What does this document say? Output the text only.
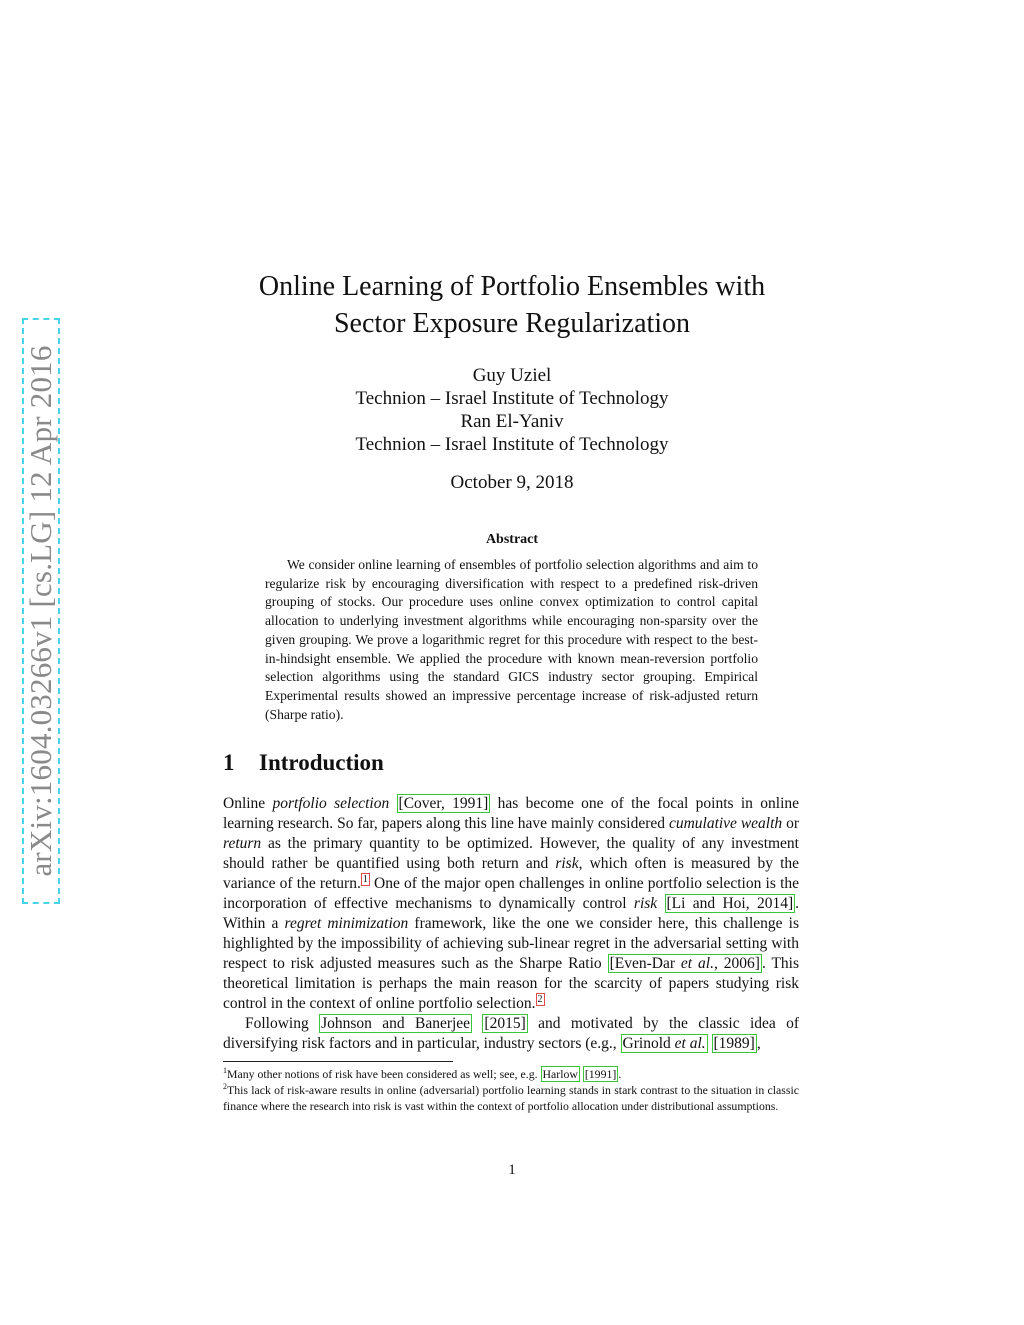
arXiv:1604.03266v1 [cs.LG] 12 Apr 2016
Online Learning of Portfolio Ensembles with
Sector Exposure Regularization
Guy Uziel
Technion – Israel Institute of Technology
Ran El-Yaniv
Technion – Israel Institute of Technology
October 9, 2018
Abstract

We consider online learning of ensembles of portfolio selection algorithms and aim to regularize risk by encouraging diversification with respect to a predefined risk-driven grouping of stocks. Our procedure uses online convex optimization to control capital allocation to underlying investment algorithms while encouraging non-sparsity over the given grouping. We prove a logarithmic regret for this procedure with respect to the best-in-hindsight ensemble. We applied the procedure with known mean-reversion portfolio selection algorithms using the standard GICS industry sector grouping. Empirical Experimental results showed an impressive percentage increase of risk-adjusted return (Sharpe ratio).

1 Introduction

Online portfolio selection [Cover, 1991] has become one of the focal points in online learning research. So far, papers along this line have mainly considered cumulative wealth or return as the primary quantity to be optimized. However, the quality of any investment should rather be quantified using both return and risk, which often is measured by the variance of the return. $^1$ One of the major open challenges in online portfolio selection is the incorporation of effective mechanisms to dynamically control risk [Li and Hoi, 2014] . Within a regret minimization framework, like the one we consider here, this challenge is highlighted by the impossibility of achieving sub-linear regret in the adversarial setting with respect to risk adjusted measures such as the Sharpe Ratio [Even-Dar et al., 2006] . This theoretical limitation is perhaps the main reason for the scarcity of papers studying risk control in the context of online portfolio selection. $^2$

Following Johnson and Banerjee [2015] and motivated by the classic idea of diversifying risk factors and in particular, industry sectors (e.g., Grinold et al. [1989] ,

$^1$Many other notions of risk have been considered as well; see, e.g. Harlow [1991] .

$^2$This lack of risk-aware results in online (adversarial) portfolio learning stands in stark contrast to the situation in classic finance where the research into risk is vast within the context of portfolio allocation under distributional assumptions.

1
